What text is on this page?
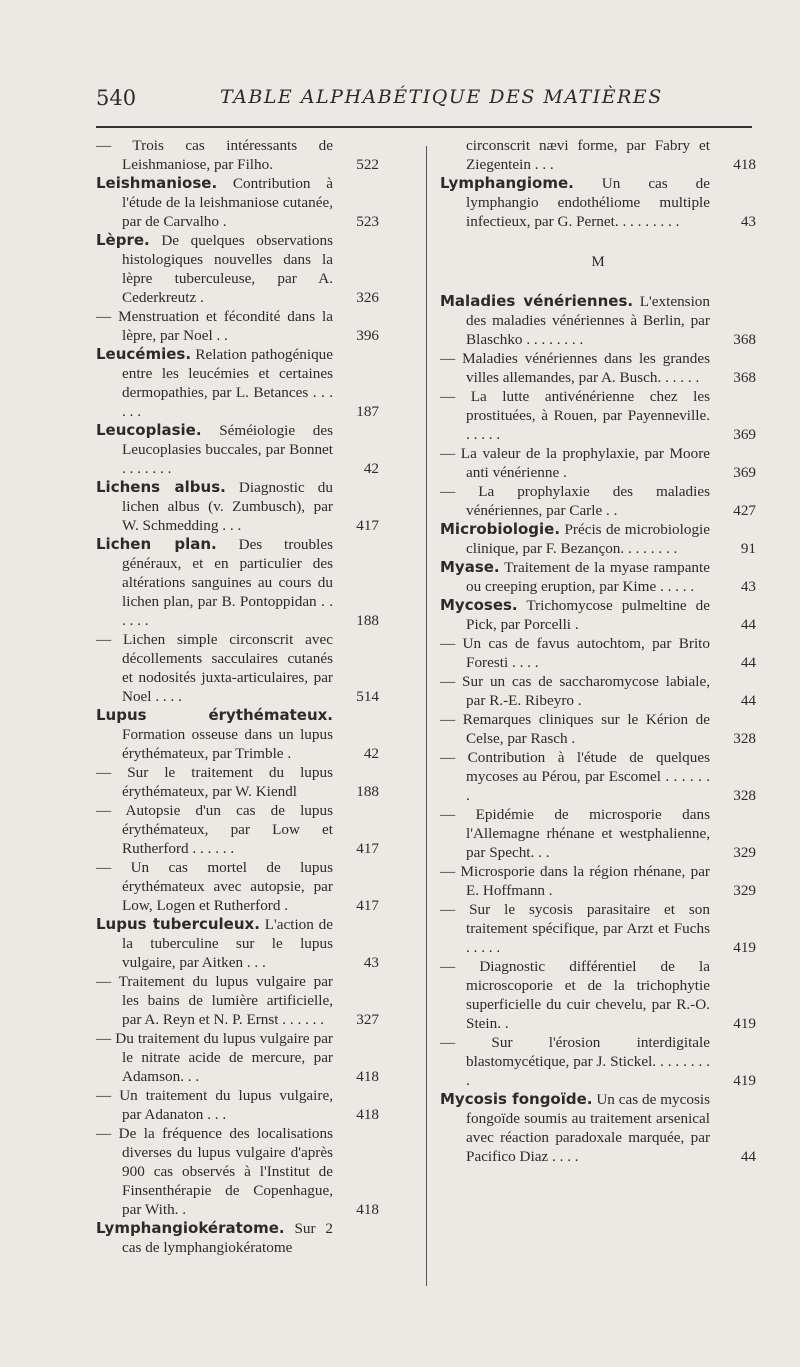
540	TABLE ALPHABÉTIQUE DES MATIÈRES
— Trois cas intéressants de Leishmaniose, par Filho.	522
Leishmaniose. Contribution à l'étude de la leishmaniose cutanée, par de Carvalho .	523
Lèpre. De quelques observations histologiques nouvelles dans la lèpre tuberculeuse, par A. Cederkreutz .	326
— Menstruation et fécondité dans la lèpre, par Noel . .	396
Leucémies. Relation pathogénique entre les leucémies et certaines dermopathies, par L. Betances . . . . . .	187
Leucoplasie. Séméiologie des Leucoplasies buccales, par Bonnet . . . . . . .	42
Lichens albus. Diagnostic du lichen albus (v. Zumbusch), par W. Schmedding . . .	417
Lichen plan. Des troubles généraux, et en particulier des altérations sanguines au cours du lichen plan, par B. Pontoppidan . . . . . .	188
— Lichen simple circonscrit avec décollements sacculaires cutanés et nodosités juxta-articulaires, par Noel . . . .	514
Lupus érythémateux. Formation osseuse dans un lupus érythémateux, par Trimble .	42
— Sur le traitement du lupus érythémateux, par W. Kiendl	188
— Autopsie d'un cas de lupus érythémateux, par Low et Rutherford . . . . . .	417
— Un cas mortel de lupus érythémateux avec autopsie, par Low, Logen et Rutherford .	417
Lupus tuberculeux. L'action de la tuberculine sur le lupus vulgaire, par Aitken . . .	43
— Traitement du lupus vulgaire par les bains de lumière artificielle, par A. Reyn et N. P. Ernst . . . . . .	327
— Du traitement du lupus vulgaire par le nitrate acide de mercure, par Adamson. . .	418
— Un traitement du lupus vulgaire, par Adanaton . . .	418
— De la fréquence des localisations diverses du lupus vulgaire d'après 900 cas observés à l'Institut de Finsenthérapie de Copenhague, par With. .	418
Lymphangiokératome. Sur 2 cas de lymphangiokératome
circonscrit nævi forme, par Fabry et Ziegentein . . .	418
Lymphangiome. Un cas de lymphangio endothéliome multiple infectieux, par G. Pernet. . . . . . . . .	43
M
Maladies vénériennes. L'extension des maladies vénériennes à Berlin, par Blaschko . . . . . . . .	368
— Maladies vénériennes dans les grandes villes allemandes, par A. Busch. . . . . .	368
— La lutte antivénérienne chez les prostituées, à Rouen, par Payenneville. . . . . .	369
— La valeur de la prophylaxie, par Moore anti vénérienne .	369
— La prophylaxie des maladies vénériennes, par Carle . .	427
Microbiologie. Précis de microbiologie clinique, par F. Bezançon. . . . . . . .	91
Myase. Traitement de la myase rampante ou creeping eruption, par Kime . . . . .	43
Mycoses. Trichomycose pulmeltine de Pick, par Porcelli .	44
— Un cas de favus autochtom, par Brito Foresti . . . .	44
— Sur un cas de saccharomycose labiale, par R.-E. Ribeyro .	44
— Remarques cliniques sur le Kérion de Celse, par Rasch .	328
— Contribution à l'étude de quelques mycoses au Pérou, par Escomel . . . . . . .	328
— Epidémie de microsporie dans l'Allemagne rhénane et westphalienne, par Specht. . .	329
— Microsporie dans la région rhénane, par E. Hoffmann .	329
— Sur le sycosis parasitaire et son traitement spécifique, par Arzt et Fuchs . . . . .	419
— Diagnostic différentiel de la microscoporie et de la trichophytie superficielle du cuir chevelu, par R.-O. Stein. .	419
— Sur l'érosion interdigitale blastomycétique, par J. Stickel. . . . . . . . .	419
Mycosis fongoïde. Un cas de mycosis fongoïde soumis au traitement arsenical avec réaction paradoxale marquée, par Pacifico Diaz . . . .	44
